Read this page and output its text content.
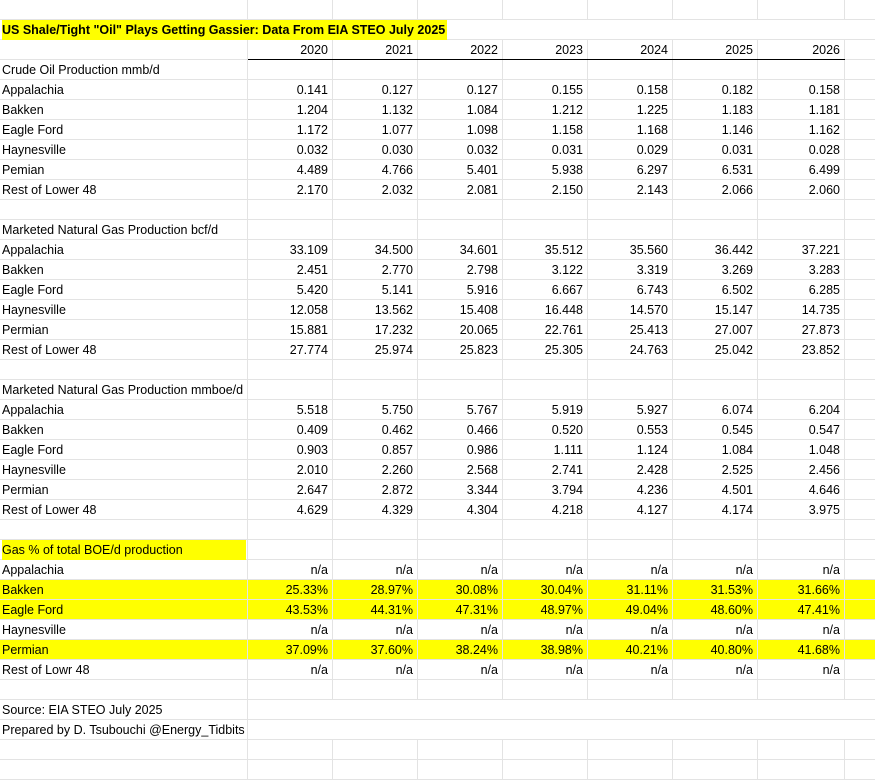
US Shale/Tight "Oil" Plays Getting Gassier: Data From EIA STEO July 2025
2020	2021	2022	2023	2024	2025	2026
Crude Oil Production mmb/d
Appalachia	0.141	0.127	0.127	0.155	0.158	0.182	0.158
Bakken	1.204	1.132	1.084	1.212	1.225	1.183	1.181
Eagle Ford	1.172	1.077	1.098	1.158	1.168	1.146	1.162
Haynesville	0.032	0.030	0.032	0.031	0.029	0.031	0.028
Pemian	4.489	4.766	5.401	5.938	6.297	6.531	6.499
Rest of Lower 48	2.170	2.032	2.081	2.150	2.143	2.066	2.060
Marketed Natural Gas Production bcf/d
Appalachia	33.109	34.500	34.601	35.512	35.560	36.442	37.221
Bakken	2.451	2.770	2.798	3.122	3.319	3.269	3.283
Eagle Ford	5.420	5.141	5.916	6.667	6.743	6.502	6.285
Haynesville	12.058	13.562	15.408	16.448	14.570	15.147	14.735
Permian	15.881	17.232	20.065	22.761	25.413	27.007	27.873
Rest of Lower 48	27.774	25.974	25.823	25.305	24.763	25.042	23.852
Marketed Natural Gas Production mmboe/d
Appalachia	5.518	5.750	5.767	5.919	5.927	6.074	6.204
Bakken	0.409	0.462	0.466	0.520	0.553	0.545	0.547
Eagle Ford	0.903	0.857	0.986	1.111	1.124	1.084	1.048
Haynesville	2.010	2.260	2.568	2.741	2.428	2.525	2.456
Permian	2.647	2.872	3.344	3.794	4.236	4.501	4.646
Rest of Lower 48	4.629	4.329	4.304	4.218	4.127	4.174	3.975
Gas % of total BOE/d production
Appalachia	n/a	n/a	n/a	n/a	n/a	n/a	n/a
Bakken	25.33%	28.97%	30.08%	30.04%	31.11%	31.53%	31.66%
Eagle Ford	43.53%	44.31%	47.31%	48.97%	49.04%	48.60%	47.41%
Haynesville	n/a	n/a	n/a	n/a	n/a	n/a	n/a
Permian	37.09%	37.60%	38.24%	38.98%	40.21%	40.80%	41.68%
Rest of Lowr 48	n/a	n/a	n/a	n/a	n/a	n/a	n/a
Source: EIA STEO July 2025
Prepared by D. Tsubouchi @Energy_Tidbits
